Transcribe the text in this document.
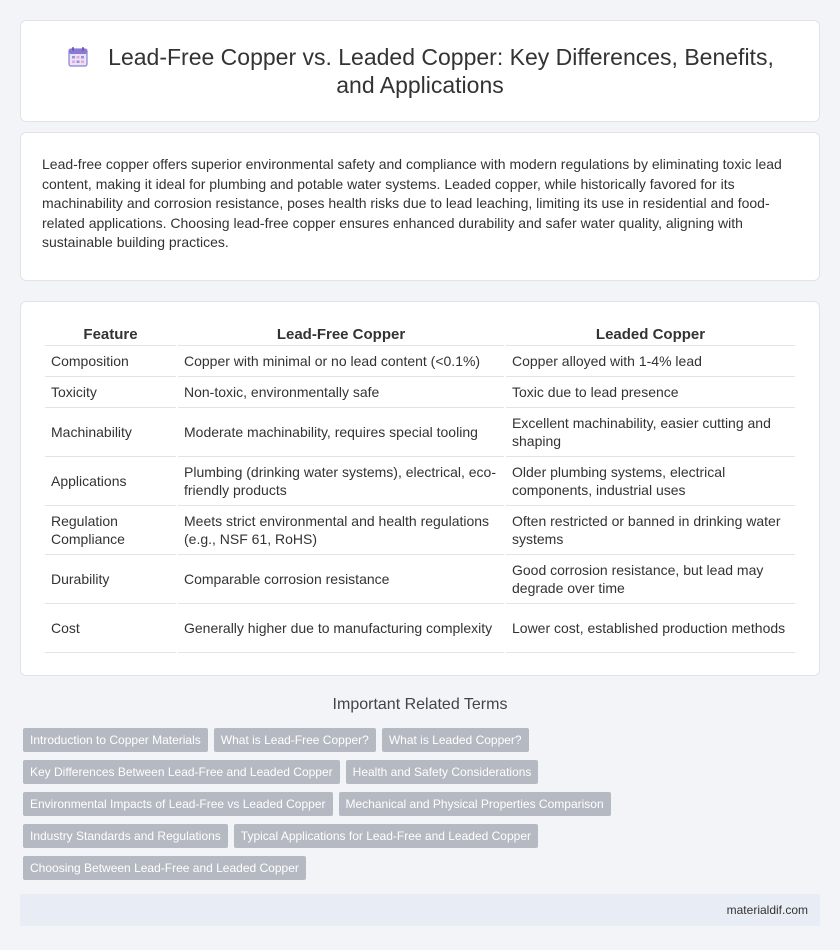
Lead-Free Copper vs. Leaded Copper: Key Differences, Benefits, and Applications

Lead-free copper offers superior environmental safety and compliance with modern regulations by eliminating toxic lead content, making it ideal for plumbing and potable water systems. Leaded copper, while historically favored for its machinability and corrosion resistance, poses health risks due to lead leaching, limiting its use in residential and food-related applications. Choosing lead-free copper ensures enhanced durability and safer water quality, aligning with sustainable building practices.

Feature	Lead-Free Copper	Leaded Copper
Composition	Copper with minimal or no lead content (<0.1%)	Copper alloyed with 1-4% lead
Toxicity	Non-toxic, environmentally safe	Toxic due to lead presence
Machinability	Moderate machinability, requires special tooling	Excellent machinability, easier cutting and shaping
Applications	Plumbing (drinking water systems), electrical, eco-friendly products	Older plumbing systems, electrical components, industrial uses
Regulation Compliance	Meets strict environmental and health regulations (e.g., NSF 61, RoHS)	Often restricted or banned in drinking water systems
Durability	Comparable corrosion resistance	Good corrosion resistance, but lead may degrade over time
Cost	Generally higher due to manufacturing complexity	Lower cost, established production methods
Important Related Terms
Introduction to Copper Materials	What is Lead-Free Copper?	What is Leaded Copper?
Key Differences Between Lead-Free and Leaded Copper	Health and Safety Considerations
Environmental Impacts of Lead-Free vs Leaded Copper	Mechanical and Physical Properties Comparison
Industry Standards and Regulations	Typical Applications for Lead-Free and Leaded Copper
Choosing Between Lead-Free and Leaded Copper
materialdif.com
